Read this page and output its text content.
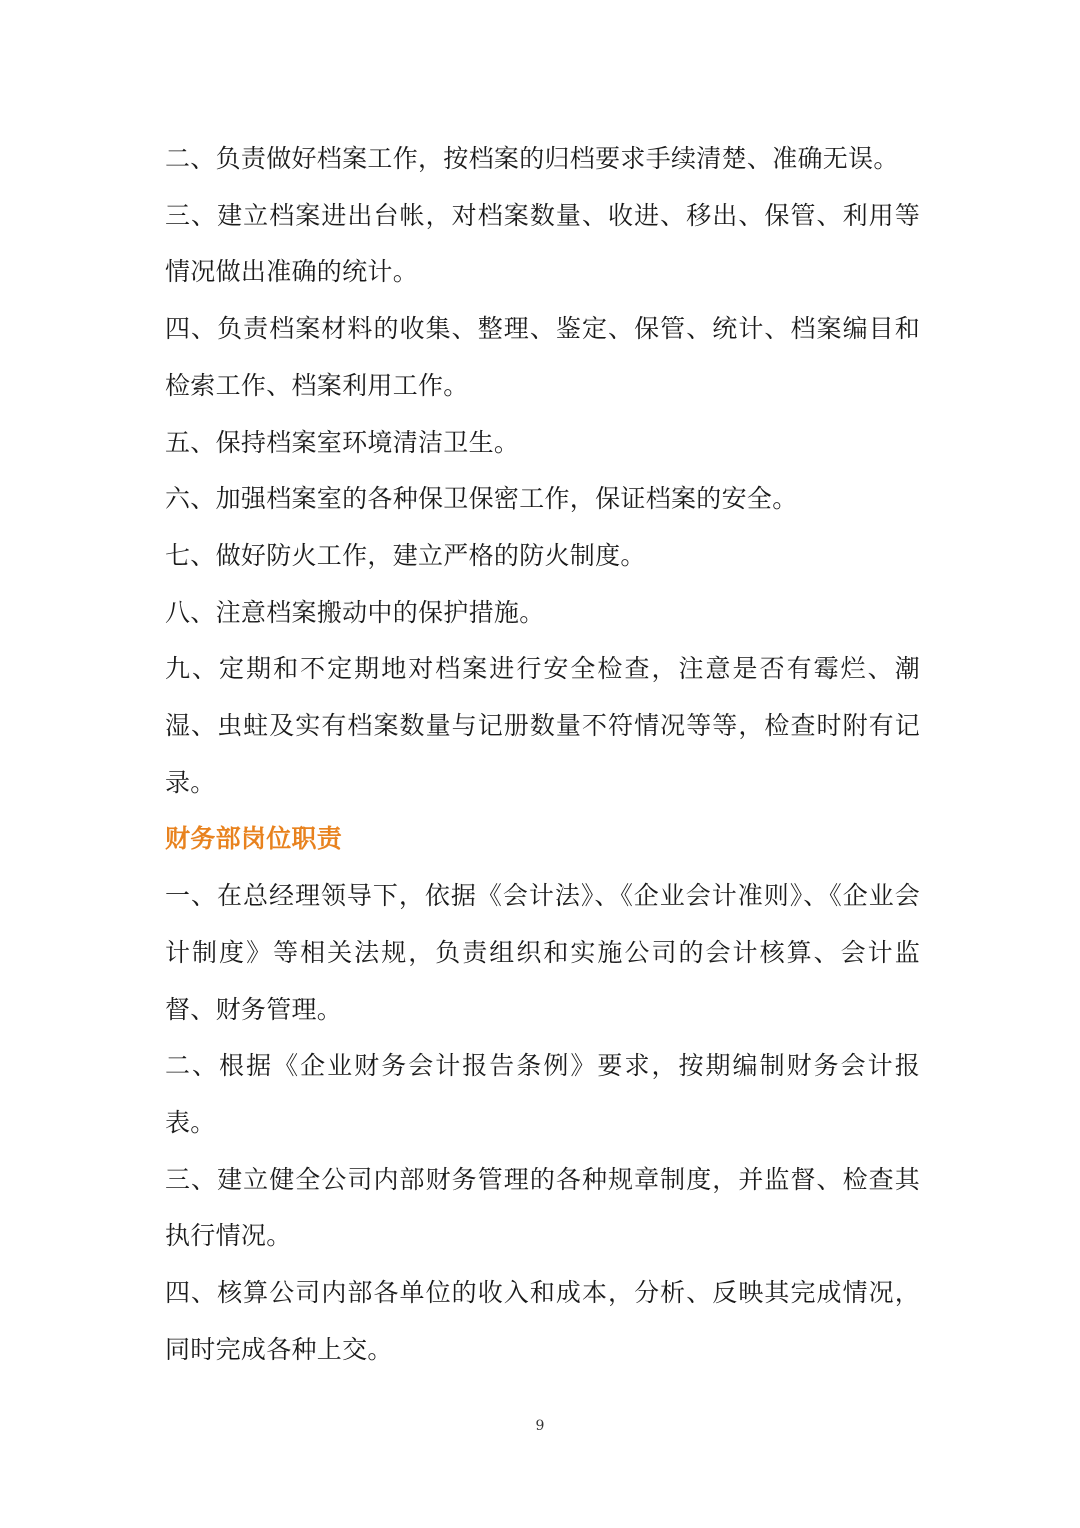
二、负责做好档案工作，按档案的归档要求手续清楚、准确无误。

三、建立档案进出台帐，对档案数量、收进、移出、保管、利用等情况做出准确的统计。

四、负责档案材料的收集、整理、鉴定、保管、统计、档案编目和检索工作、档案利用工作。

五、保持档案室环境清洁卫生。

六、加强档案室的各种保卫保密工作，保证档案的安全。

七、做好防火工作，建立严格的防火制度。

八、注意档案搬动中的保护措施。

九、定期和不定期地对档案进行安全检查，注意是否有霉烂、潮湿、虫蛀及实有档案数量与记册数量不符情况等等，检查时附有记录。

财务部岗位职责

一、在总经理领导下，依据《会计法》、《企业会计准则》、《企业会计制度》等相关法规，负责组织和实施公司的会计核算、会计监督、财务管理。

二、根据《企业财务会计报告条例》要求，按期编制财务会计报表。

三、建立健全公司内部财务管理的各种规章制度，并监督、检查其执行情况。

四、核算公司内部各单位的收入和成本，分析、反映其完成情况，同时完成各种上交。

9
